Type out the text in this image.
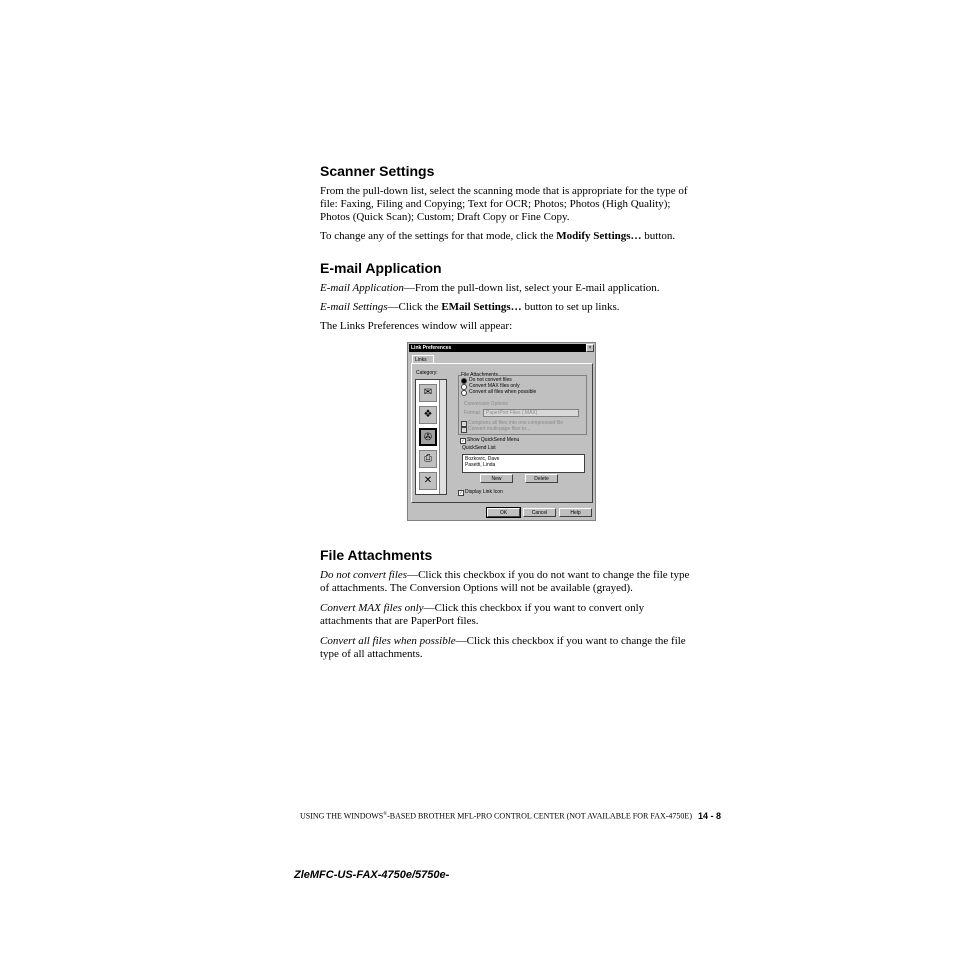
Scanner Settings

From the pull-down list, select the scanning mode that is appropriate for the type of file: Faxing, Filing and Copying; Text for OCR; Photos; Photos (High Quality); Photos (Quick Scan); Custom; Draft Copy or Fine Copy.

To change any of the settings for that mode, click the Modify Settings… button.

E-mail Application

E-mail Application—From the pull-down list, select your E-mail application.

E-mail Settings—Click the EMail Settings… button to set up links.

The Links Preferences window will appear:

Link Preferences	×
Links
Category:
✉
❖
✇
⎙
✕
File Attachments
Do not convert files
Convert MAX files only
Convert all files when possible
Conversion Options
Format	PaperPort Files (.MAX)
Compress all files into one compressed file
Convert multi-page files to...
✓ Show QuickSend Menu
QuickSend List
Bozkovic, Dave
Pasetti, Linda
New	Delete
✓ Display Link Icon
OK	Cancel	Help
File Attachments

Do not convert files—Click this checkbox if you do not want to change the file type of attachments. The Conversion Options will not be available (grayed).

Convert MAX files only—Click this checkbox if you want to convert only attachments that are PaperPort files.

Convert all files when possible—Click this checkbox if you want to change the file type of all attachments.

USING THE WINDOWS®-BASED BROTHER MFL-PRO CONTROL CENTER (NOT AVAILABLE FOR FAX-4750E) 14 - 8
ZleMFC-US-FAX-4750e/5750e-
